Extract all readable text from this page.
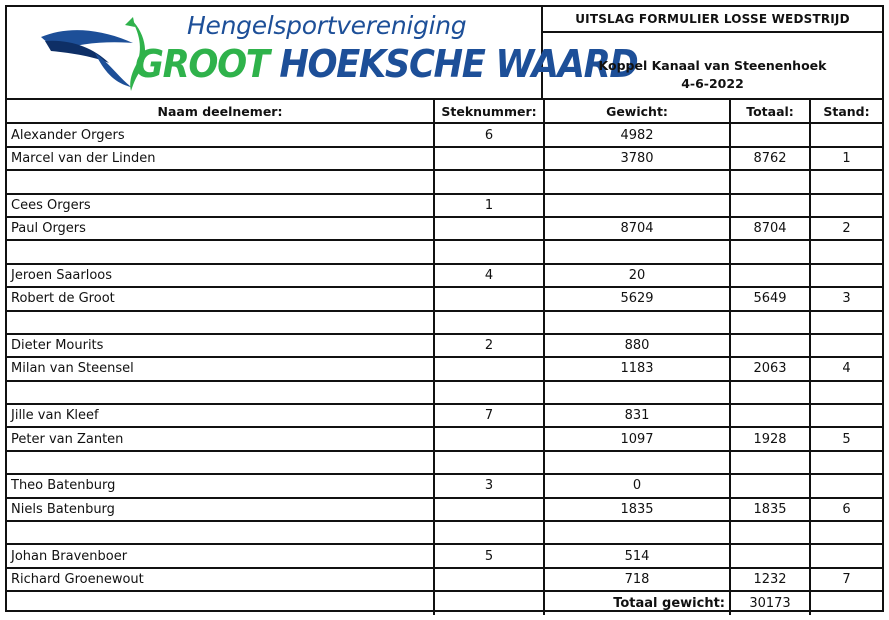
Hengelsportvereniging
GROOT HOEKSCHE WAARD
UITSLAG FORMULIER LOSSE WEDSTRIJD
Koppel Kanaal van Steenenhoek
4-6-2022
Naam deelnemer:	Steknummer:	Gewicht:	Totaal:	Stand:
Alexander Orgers	6	4982		
Marcel van der Linden		3780	8762	1

Cees Orgers	1			
Paul Orgers		8704	8704	2

Jeroen Saarloos	4	20		
Robert de Groot		5629	5649	3

Dieter Mourits	2	880		
Milan van Steensel		1183	2063	4

Jille van Kleef	7	831		
Peter van Zanten		1097	1928	5

Theo Batenburg	3	0		
Niels Batenburg		1835	1835	6

Johan Bravenboer	5	514		
Richard Groenewout		718	1232	7
		Totaal gewicht:	30173	
